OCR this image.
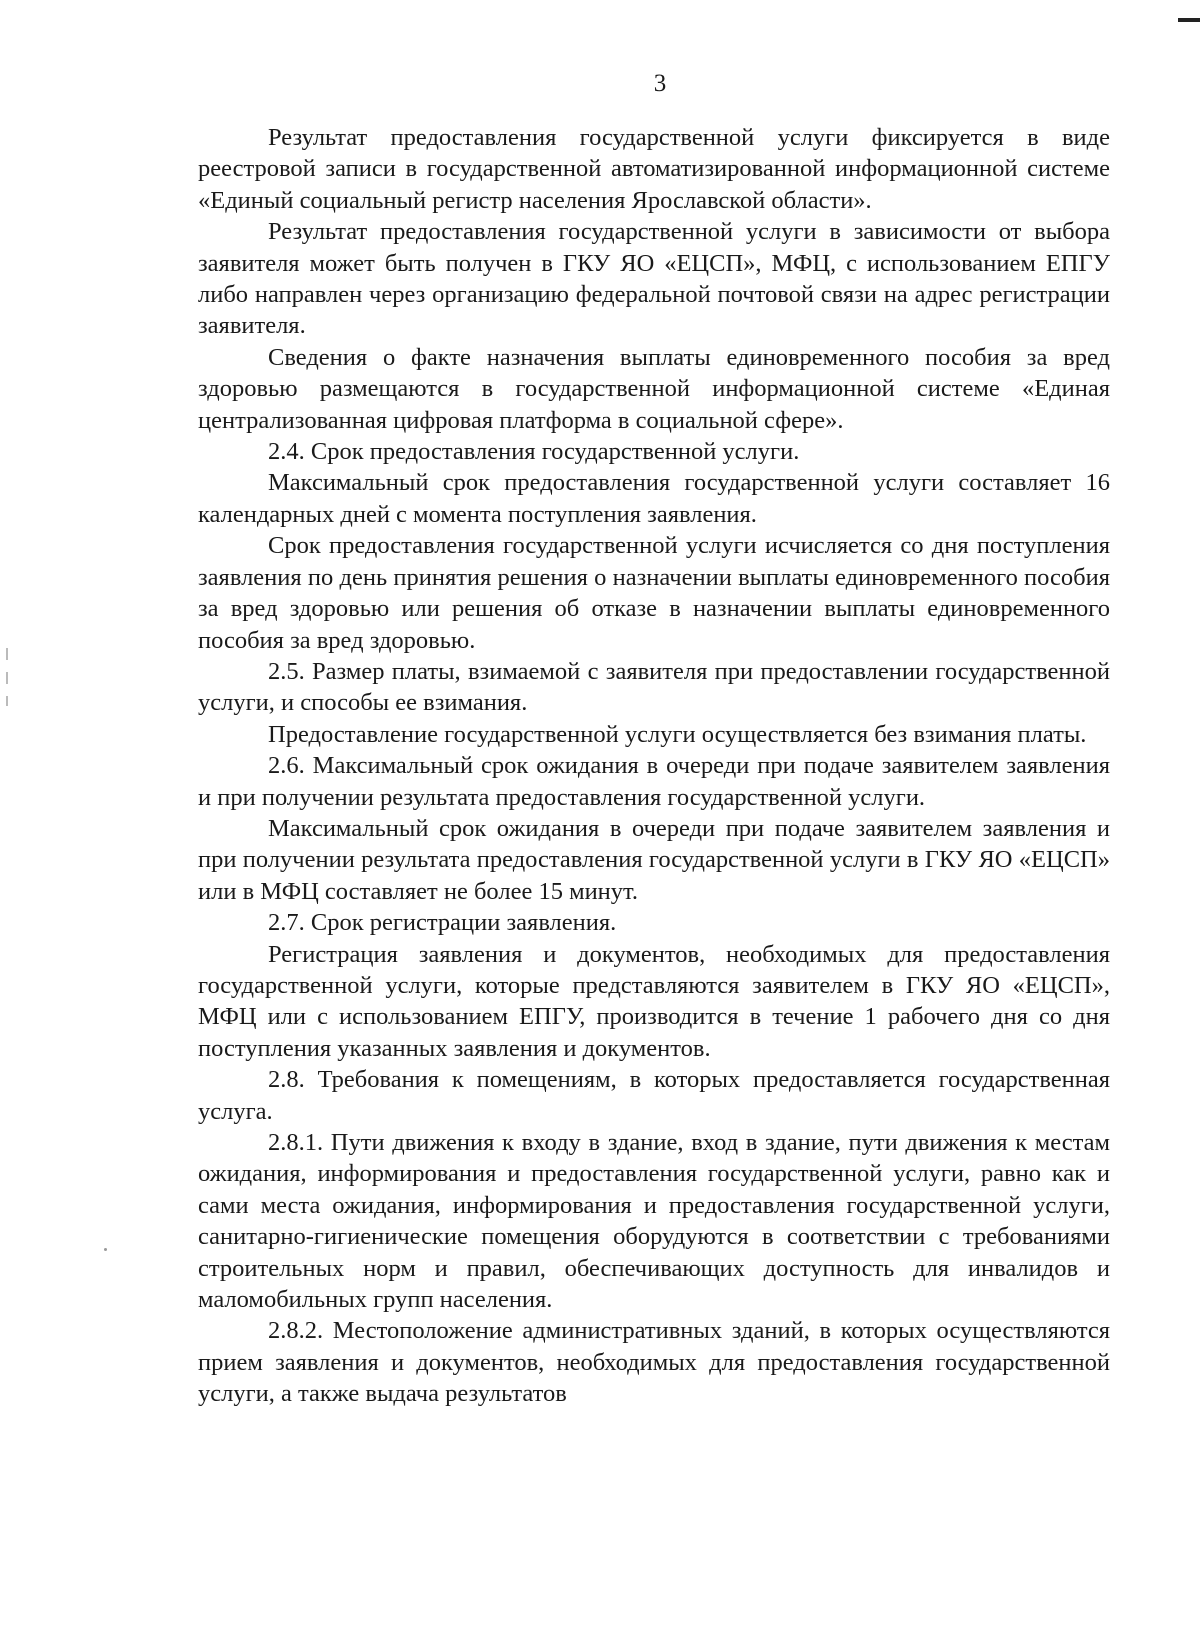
3

Результат предоставления государственной услуги фиксируется в виде реестровой записи в государственной автоматизированной информационной системе «Единый социальный регистр населения Ярославской области».

Результат предоставления государственной услуги в зависимости от выбора заявителя может быть получен в ГКУ ЯО «ЕЦСП», МФЦ, с использованием ЕПГУ либо направлен через организацию федеральной почтовой связи на адрес регистрации заявителя.

Сведения о факте назначения выплаты единовременного пособия за вред здоровью размещаются в государственной информационной системе «Единая централизованная цифровая платформа в социальной сфере».

2.4. Срок предоставления государственной услуги.

Максимальный срок предоставления государственной услуги составляет 16 календарных дней с момента поступления заявления.

Срок предоставления государственной услуги исчисляется со дня поступления заявления по день принятия решения о назначении выплаты единовременного пособия за вред здоровью или решения об отказе в назначении выплаты единовременного пособия за вред здоровью.

2.5. Размер платы, взимаемой с заявителя при предоставлении государственной услуги, и способы ее взимания.

Предоставление государственной услуги осуществляется без взимания платы.

2.6. Максимальный срок ожидания в очереди при подаче заявителем заявления и при получении результата предоставления государственной услуги.

Максимальный срок ожидания в очереди при подаче заявителем заявления и при получении результата предоставления государственной услуги в ГКУ ЯО «ЕЦСП» или в МФЦ составляет не более 15 минут.

2.7. Срок регистрации заявления.

Регистрация заявления и документов, необходимых для предоставления государственной услуги, которые представляются заявителем в ГКУ ЯО «ЕЦСП», МФЦ или с использованием ЕПГУ, производится в течение 1 рабочего дня со дня поступления указанных заявления и документов.

2.8. Требования к помещениям, в которых предоставляется государственная услуга.

2.8.1. Пути движения к входу в здание, вход в здание, пути движения к местам ожидания, информирования и предоставления государственной услуги, равно как и сами места ожидания, информирования и предоставления государственной услуги, санитарно-гигиенические помещения оборудуются в соответствии с требованиями строительных норм и правил, обеспечивающих доступность для инвалидов и маломобильных групп населения.

2.8.2. Местоположение административных зданий, в которых осуществляются прием заявления и документов, необходимых для предоставления государственной услуги, а также выдача результатов
